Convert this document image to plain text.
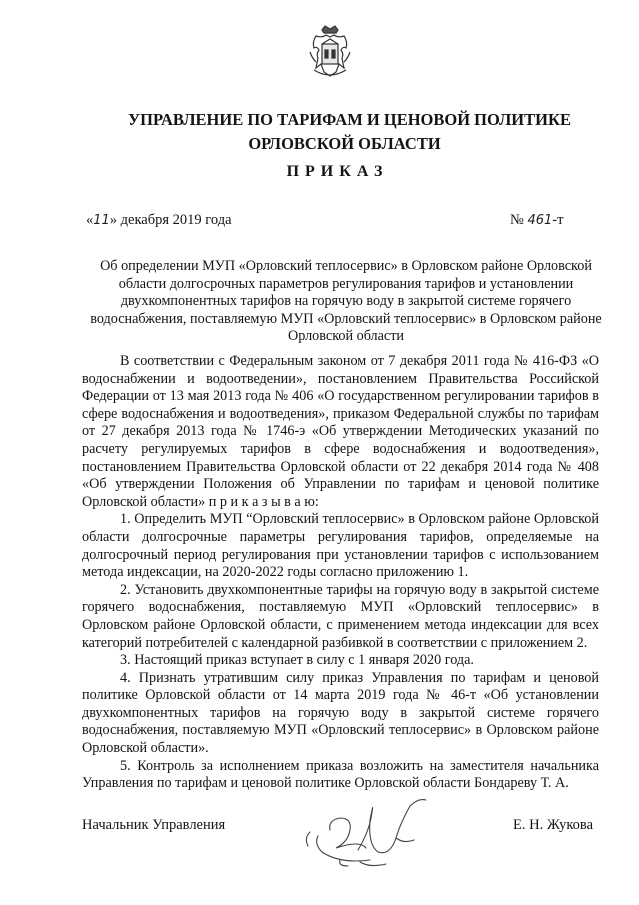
УПРАВЛЕНИЕ ПО ТАРИФАМ И ЦЕНОВОЙ ПОЛИТИКЕ
ОРЛОВСКОЙ ОБЛАСТИ
ПРИКАЗ
«11» декабря 2019 года	№ 461-т
Об определении МУП «Орловский теплосервис» в Орловском районе Орловской области долгосрочных параметров регулирования тарифов и установлении двухкомпонентных тарифов на горячую воду в закрытой системе горячего водоснабжения, поставляемую МУП «Орловский теплосервис» в Орловском районе Орловской области

В соответствии с Федеральным законом от 7 декабря 2011 года № 416-ФЗ «О водоснабжении и водоотведении», постановлением Правительства Российской Федерации от 13 мая 2013 года № 406 «О государственном регулировании тарифов в сфере водоснабжения и водоотведения», приказом Федеральной службы по тарифам от 27 декабря 2013 года № 1746-э «Об утверждении Методических указаний по расчету регулируемых тарифов в сфере водоснабжения и водоотведения», постановлением Правительства Орловской области от 22 декабря 2014 года № 408 «Об утверждении Положения об Управлении по тарифам и ценовой политике Орловской области» п р и к а з ы в а ю:

1. Определить МУП “Орловский теплосервис» в Орловском районе Орловской области долгосрочные параметры регулирования тарифов, определяемые на долгосрочный период регулирования при установлении тарифов с использованием метода индексации, на 2020-2022 годы согласно приложению 1.

2. Установить двухкомпонентные тарифы на горячую воду в закрытой системе горячего водоснабжения, поставляемую МУП «Орловский теплосервис» в Орловском районе Орловской области, с применением метода индексации для всех категорий потребителей с календарной разбивкой в соответствии с приложением 2.

3. Настоящий приказ вступает в силу с 1 января 2020 года.

4. Признать утратившим силу приказ Управления по тарифам и ценовой политике Орловской области от 14 марта 2019 года № 46-т «Об установлении двухкомпонентных тарифов на горячую воду в закрытой системе горячего водоснабжения, поставляемую МУП «Орловский теплосервис» в Орловском районе Орловской области».

5. Контроль за исполнением приказа возложить на заместителя начальника Управления по тарифам и ценовой политике Орловской области Бондареву Т. А.

Начальник Управления	Е. Н. Жукова
